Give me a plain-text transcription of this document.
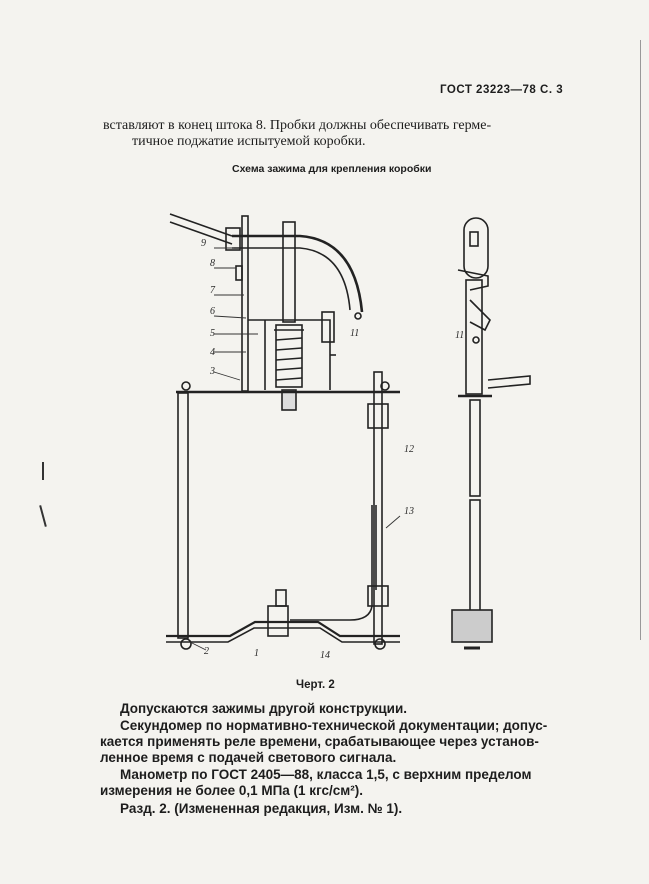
ГОСТ 23223—78 С. 3
вставляют в конец штока 8. Пробки должны обеспечивать герме-
тичное поджатие испытуемой коробки.
Схема зажима для крепления коробки
9
8
7
6
5
4
3
11
12
13
2	1	14
11
Черт. 2
Допускаются зажимы другой конструкции.
Секундомер по нормативно-технической документации; допус-
кается применять реле времени, срабатывающее через установ-
ленное время с подачей светового сигнала.
Манометр по ГОСТ 2405—88, класса 1,5, с верхним пределом
измерения не более 0,1 МПа (1 кгс/см²).
Разд. 2. (Измененная редакция, Изм. № 1).
